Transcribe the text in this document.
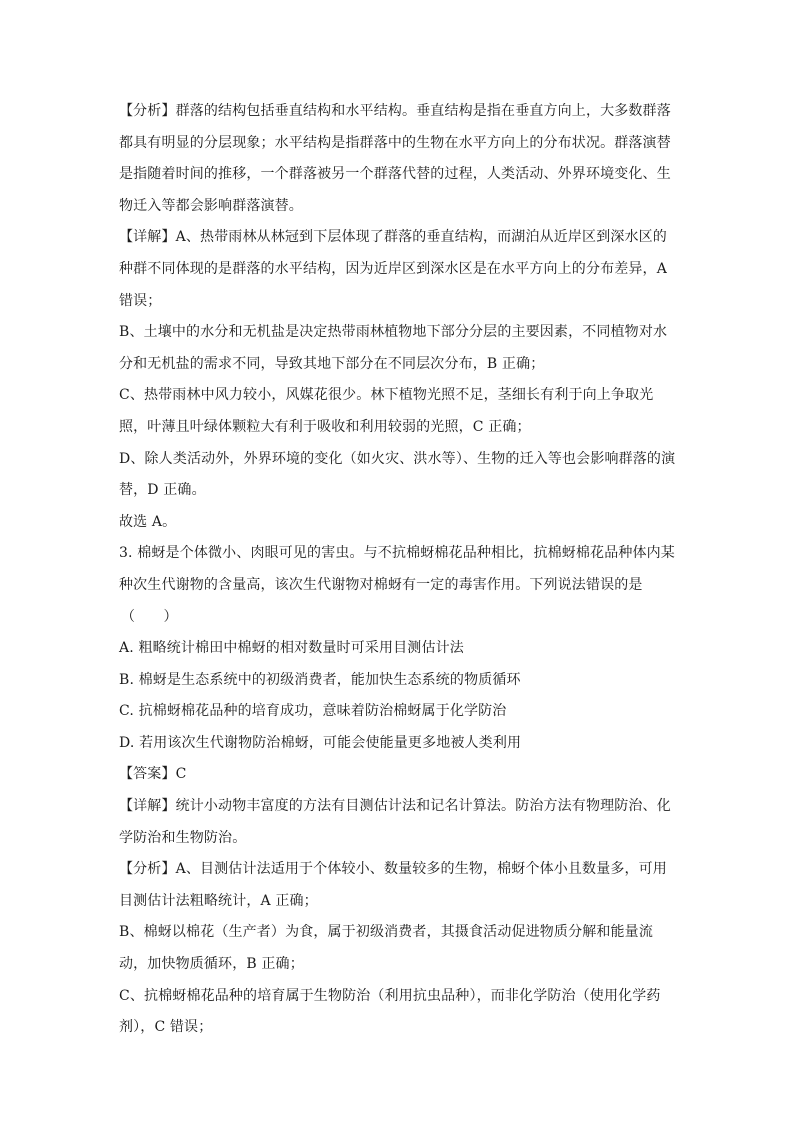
【分析】群落的结构包括垂直结构和水平结构。垂直结构是指在垂直方向上，大多数群落
都具有明显的分层现象；水平结构是指群落中的生物在水平方向上的分布状况。群落演替
是指随着时间的推移，一个群落被另一个群落代替的过程，人类活动、外界环境变化、生
物迁入等都会影响群落演替。
【详解】A、热带雨林从林冠到下层体现了群落的垂直结构，而湖泊从近岸区到深水区的
种群不同体现的是群落的水平结构，因为近岸区到深水区是在水平方向上的分布差异，A
错误；
B、土壤中的水分和无机盐是决定热带雨林植物地下部分分层的主要因素，不同植物对水
分和无机盐的需求不同，导致其地下部分在不同层次分布，B 正确；
C、热带雨林中风力较小，风媒花很少。林下植物光照不足，茎细长有利于向上争取光
照，叶薄且叶绿体颗粒大有利于吸收和利用较弱的光照，C 正确；
D、除人类活动外，外界环境的变化（如火灾、洪水等）、生物的迁入等也会影响群落的演
替，D 正确。
故选 A。
3. 棉蚜是个体微小、肉眼可见的害虫。与不抗棉蚜棉花品种相比，抗棉蚜棉花品种体内某
种次生代谢物的含量高，该次生代谢物对棉蚜有一定的毒害作用。下列说法错误的是
（　　）
A. 粗略统计棉田中棉蚜的相对数量时可采用目测估计法
B. 棉蚜是生态系统中的初级消费者，能加快生态系统的物质循环
C. 抗棉蚜棉花品种的培育成功，意味着防治棉蚜属于化学防治
D. 若用该次生代谢物防治棉蚜，可能会使能量更多地被人类利用
【答案】C
【详解】统计小动物丰富度的方法有目测估计法和记名计算法。防治方法有物理防治、化
学防治和生物防治。
【分析】A、目测估计法适用于个体较小、数量较多的生物，棉蚜个体小且数量多，可用
目测估计法粗略统计，A 正确；
B、棉蚜以棉花（生产者）为食，属于初级消费者，其摄食活动促进物质分解和能量流
动，加快物质循环，B 正确；
C、抗棉蚜棉花品种的培育属于生物防治（利用抗虫品种），而非化学防治（使用化学药
剂），C 错误；
